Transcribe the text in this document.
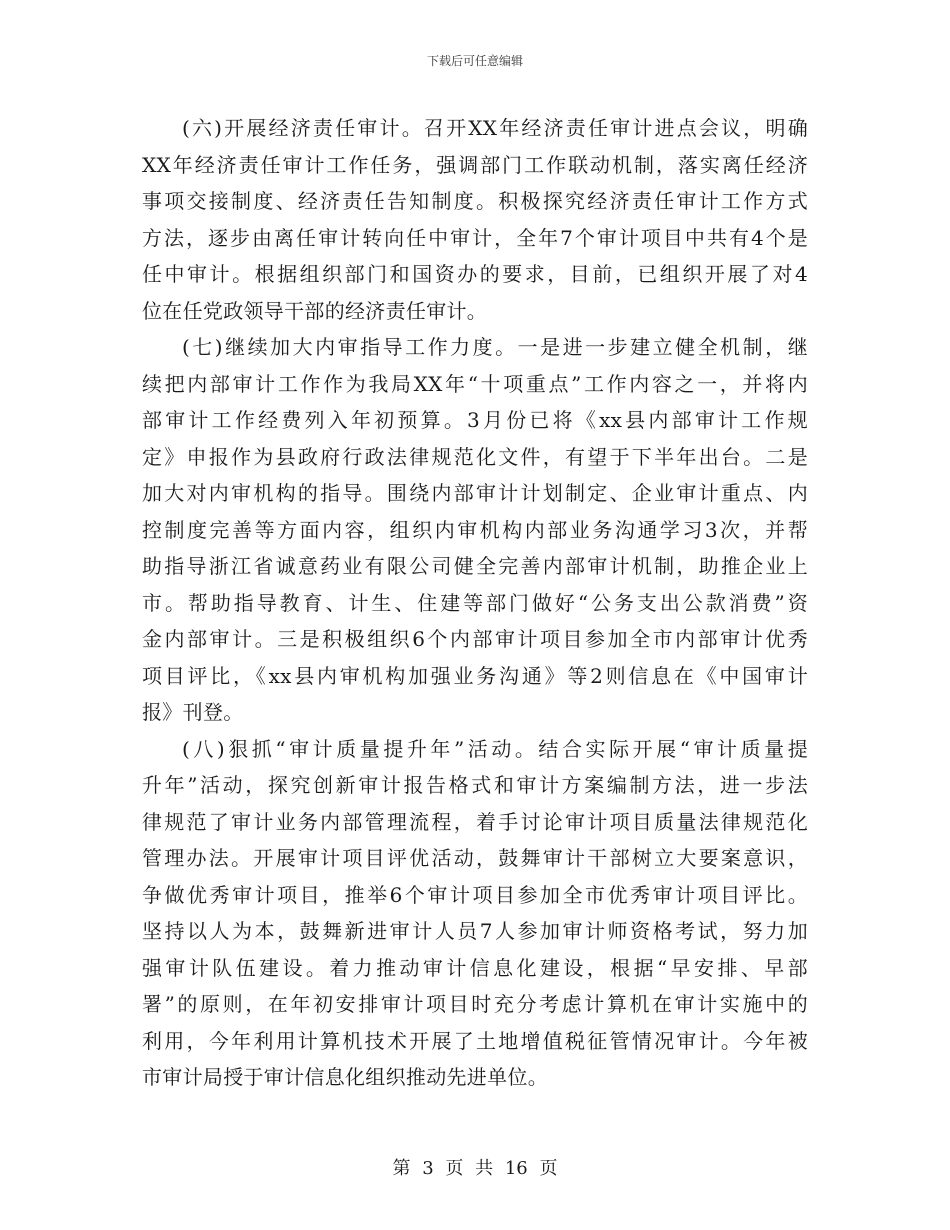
下载后可任意编辑
(六)开展经济责任审计。召开XX年经济责任审计进点会议，明确
XX年经济责任审计工作任务，强调部门工作联动机制，落实离任经济
事项交接制度、经济责任告知制度。积极探究经济责任审计工作方式
方法，逐步由离任审计转向任中审计，全年7个审计项目中共有4个是
任中审计。根据组织部门和国资办的要求，目前，已组织开展了对4
位在任党政领导干部的经济责任审计。
(七)继续加大内审指导工作力度。一是进一步建立健全机制，继
续把内部审计工作作为我局XX年“十项重点”工作内容之一，并将内
部审计工作经费列入年初预算。3月份已将《xx县内部审计工作规
定》申报作为县政府行政法律规范化文件，有望于下半年出台。二是
加大对内审机构的指导。围绕内部审计计划制定、企业审计重点、内
控制度完善等方面内容，组织内审机构内部业务沟通学习3次，并帮
助指导浙江省诚意药业有限公司健全完善内部审计机制，助推企业上
市。帮助指导教育、计生、住建等部门做好“公务支出公款消费”资
金内部审计。三是积极组织6个内部审计项目参加全市内部审计优秀
项目评比，《xx县内审机构加强业务沟通》等2则信息在《中国审计
报》刊登。
(八)狠抓“审计质量提升年”活动。结合实际开展“审计质量提
升年”活动，探究创新审计报告格式和审计方案编制方法，进一步法
律规范了审计业务内部管理流程，着手讨论审计项目质量法律规范化
管理办法。开展审计项目评优活动，鼓舞审计干部树立大要案意识，
争做优秀审计项目，推举6个审计项目参加全市优秀审计项目评比。
坚持以人为本，鼓舞新进审计人员7人参加审计师资格考试，努力加
强审计队伍建设。着力推动审计信息化建设，根据“早安排、早部
署”的原则，在年初安排审计项目时充分考虑计算机在审计实施中的
利用，今年利用计算机技术开展了土地增值税征管情况审计。今年被
市审计局授于审计信息化组织推动先进单位。
第 3 页 共 16 页
